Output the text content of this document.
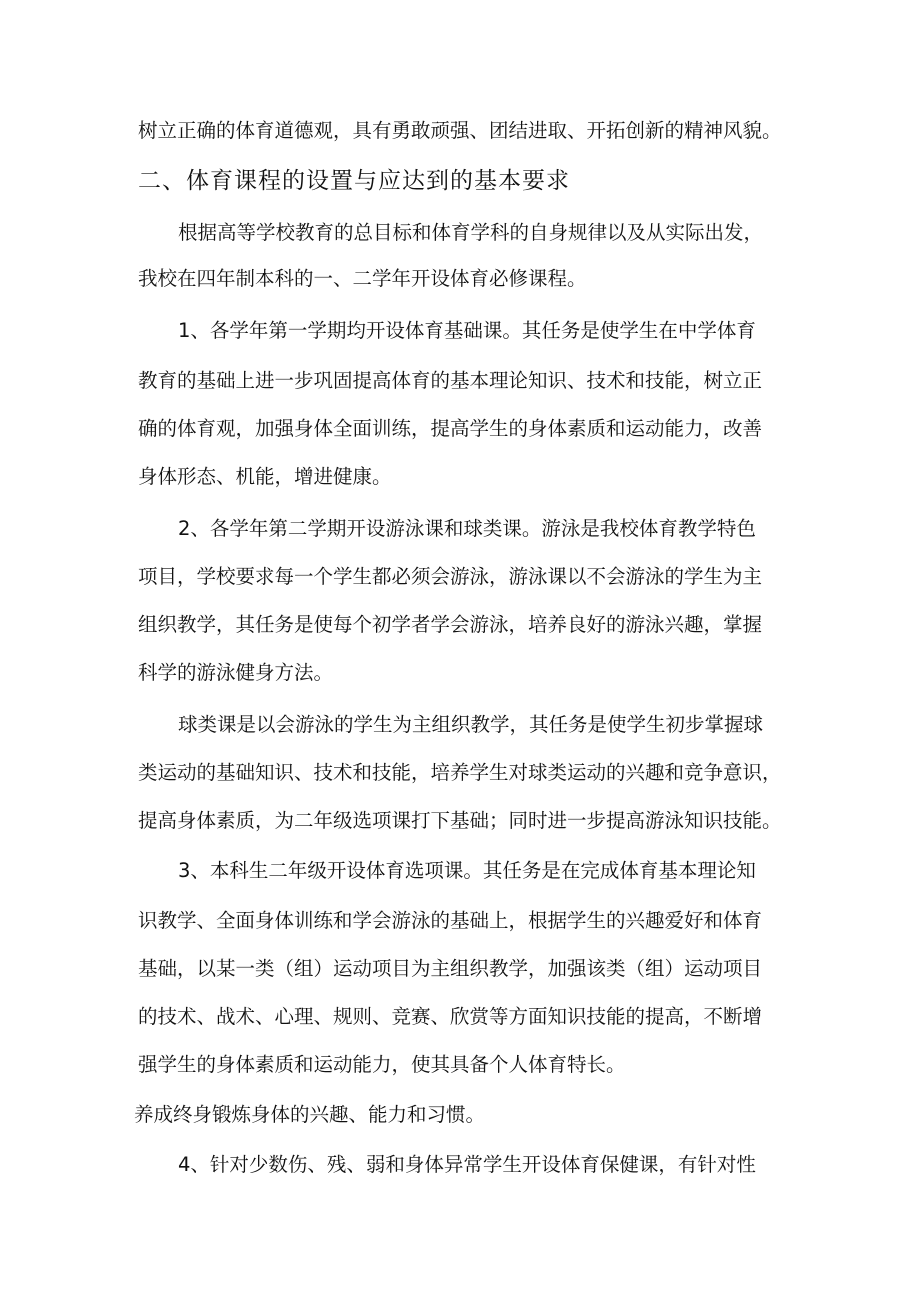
树立正确的体育道德观，具有勇敢顽强、团结进取、开拓创新的精神风貌。

二、体育课程的设置与应达到的基本要求

根据高等学校教育的总目标和体育学科的自身规律以及从实际出发，

我校在四年制本科的一、二学年开设体育必修课程。

1、各学年第一学期均开设体育基础课。其任务是使学生在中学体育

教育的基础上进一步巩固提高体育的基本理论知识、技术和技能，树立正

确的体育观，加强身体全面训练，提高学生的身体素质和运动能力，改善

身体形态、机能，增进健康。

2、各学年第二学期开设游泳课和球类课。游泳是我校体育教学特色

项目，学校要求每一个学生都必须会游泳，游泳课以不会游泳的学生为主

组织教学，其任务是使每个初学者学会游泳，培养良好的游泳兴趣，掌握

科学的游泳健身方法。

球类课是以会游泳的学生为主组织教学，其任务是使学生初步掌握球

类运动的基础知识、技术和技能，培养学生对球类运动的兴趣和竞争意识，

提高身体素质，为二年级选项课打下基础；同时进一步提高游泳知识技能。

3、本科生二年级开设体育选项课。其任务是在完成体育基本理论知

识教学、全面身体训练和学会游泳的基础上，根据学生的兴趣爱好和体育

基础，以某一类（组）运动项目为主组织教学，加强该类（组）运动项目

的技术、战术、心理、规则、竞赛、欣赏等方面知识技能的提高，不断增

强学生的身体素质和运动能力，使其具备个人体育特长。

养成终身锻炼身体的兴趣、能力和习惯。

4、针对少数伤、残、弱和身体异常学生开设体育保健课，有针对性
